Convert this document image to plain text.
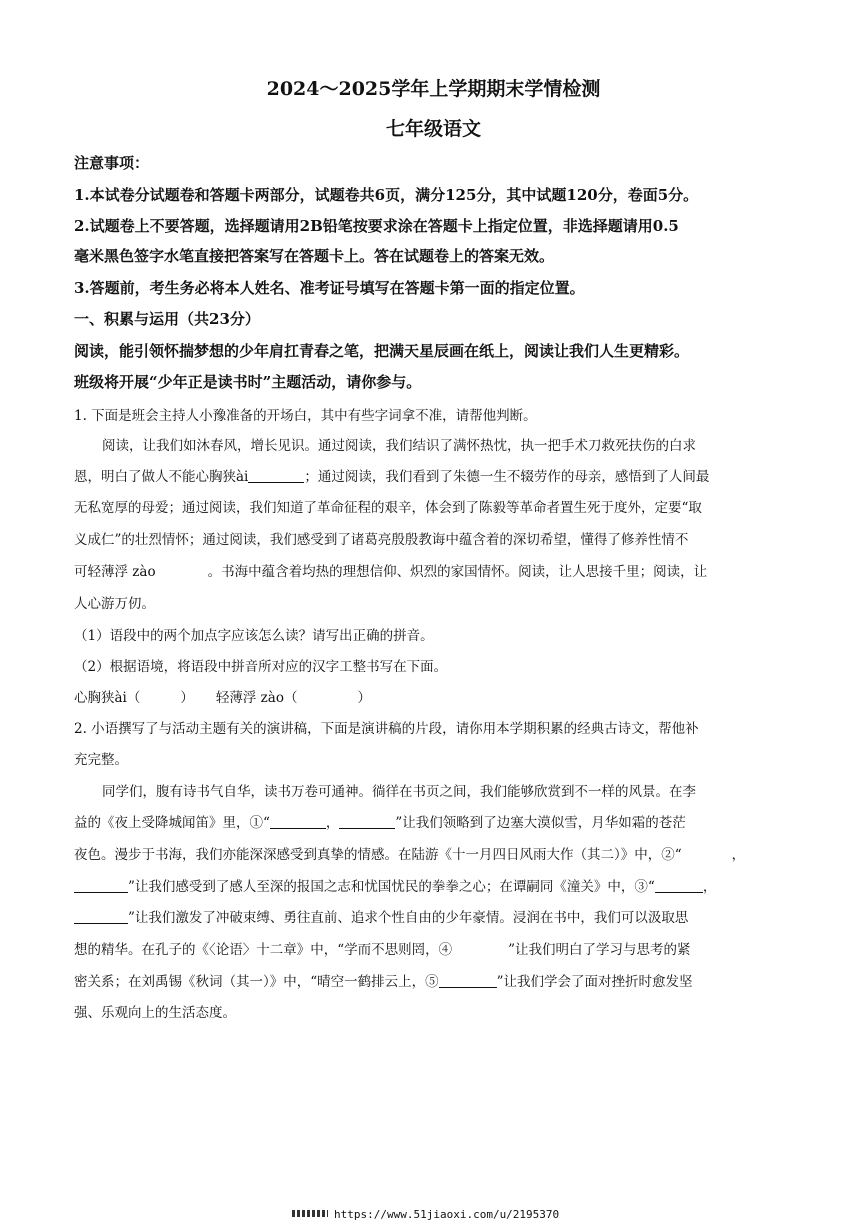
2024～2025学年上学期期末学情检测
七年级语文
注意事项：
1.本试卷分试题卷和答题卡两部分，试题卷共6页，满分125分，其中试题120分，卷面5分。
2.试题卷上不要答题，选择题请用2B铅笔按要求涂在答题卡上指定位置，非选择题请用0.5
毫米黑色签字水笔直接把答案写在答题卡上。答在试题卷上的答案无效。
3.答题前，考生务必将本人姓名、准考证号填写在答题卡第一面的指定位置。
一、积累与运用（共23分）
阅读，能引领怀揣梦想的少年肩扛青春之笔，把满天星辰画在纸上，阅读让我们人生更精彩。
班级将开展“少年正是读书时”主题活动，请你参与。
1. 下面是班会主持人小豫准备的开场白，其中有些字词拿不准，请帮他判断。
阅读，让我们如沐春风，增长见识。通过阅读，我们结识了满怀热忱，执一把手术刀救死扶伤的白求
恩，明白了做人不能心胸狭ài	；通过阅读，我们看到了朱德一生不辍劳作的母亲，感悟到了人间最
无私宽厚的母爱；通过阅读，我们知道了革命征程的艰辛，体会到了陈毅等革命者置生死于度外，定要“取
义成仁”的壮烈情怀；通过阅读，我们感受到了诸葛亮殷殷教诲中蕴含着的深切希望，懂得了修养性情不
可轻薄浮 zào	。书海中蕴含着均热的理想信仰、炽烈的家国情怀。阅读，让人思接千里；阅读，让
人心游万仞。
（1）语段中的两个加点字应该怎么读？请写出正确的拼音。
（2）根据语境，将语段中拼音所对应的汉字工整书写在下面。
心胸狭ài（	） 轻薄浮 zào（	）
2. 小语撰写了与活动主题有关的演讲稿，下面是演讲稿的片段，请你用本学期积累的经典古诗文，帮他补
充完整。
同学们，腹有诗书气自华，读书万卷可通神。徜徉在书页之间，我们能够欣赏到不一样的风景。在李
益的《夜上受降城闻笛》里，①“	，	”让我们领略到了边塞大漠似雪，月华如霜的苍茫
夜色。漫步于书海，我们亦能深深感受到真挚的情感。在陆游《十一月四日风雨大作（其二）》中，②“	，
”让我们感受到了感人至深的报国之志和忧国忧民的拳拳之心；在谭嗣同《潼关》中，③“	，
”让我们激发了冲破束缚、勇往直前、追求个性自由的少年豪情。浸润在书中，我们可以汲取思
想的精华。在孔子的《〈论语〉十二章》中，“学而不思则罔，④	”让我们明白了学习与思考的紧
密关系；在刘禹锡《秋词（其一）》中，“晴空一鹤排云上，⑤	”让我们学会了面对挫折时愈发坚
强、乐观向上的生活态度。
https://www.51jiaoxi.com/u/2195370
